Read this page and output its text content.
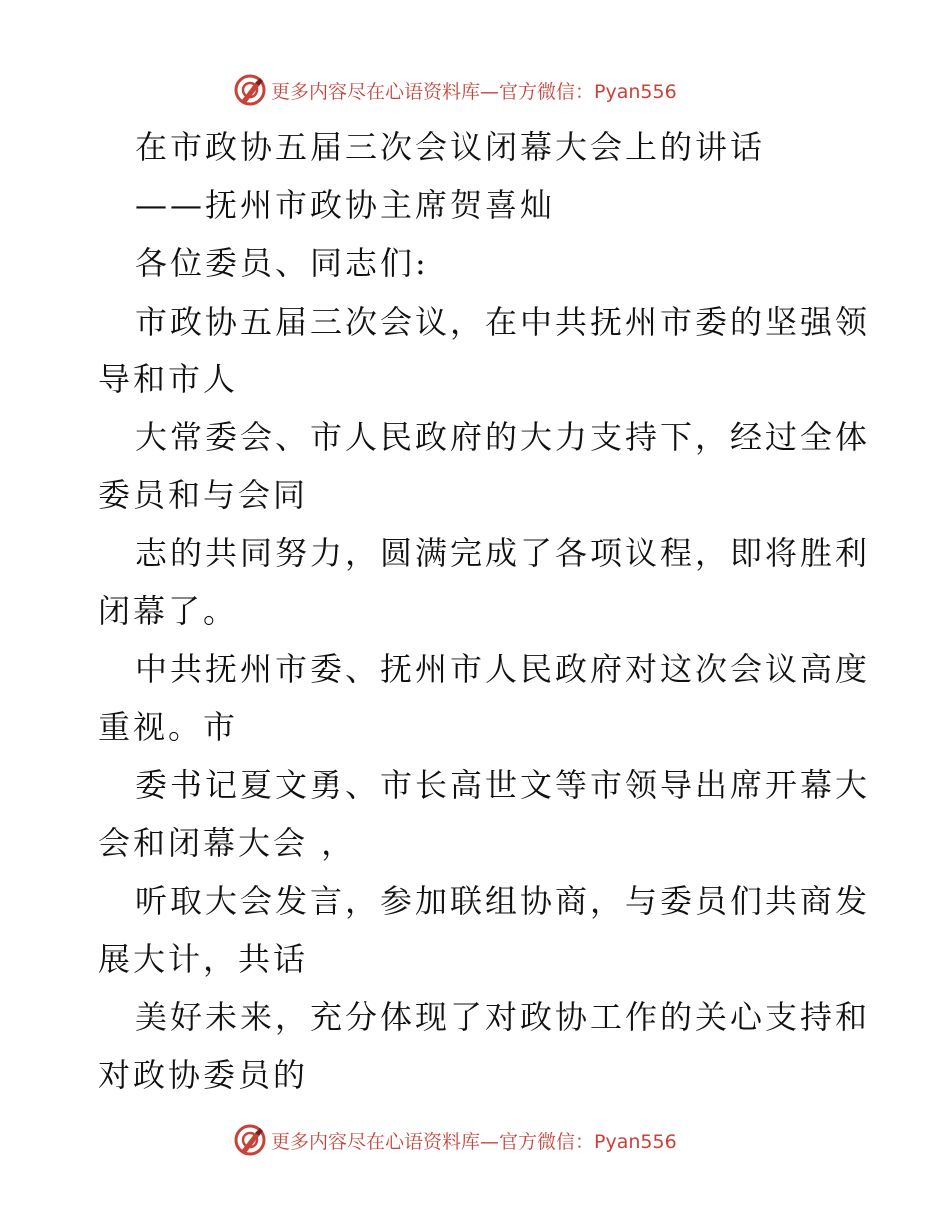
更多内容尽在心语资料库—官方微信：Pyan556
在市政协五届三次会议闭幕大会上的讲话
——抚州市政协主席贺喜灿
各位委员、同志们:
市政协五届三次会议，在中共抚州市委的坚强领
导和市人
大常委会、市人民政府的大力支持下，经过全体
委员和与会同
志的共同努力，圆满完成了各项议程，即将胜利
闭幕了。
中共抚州市委、抚州市人民政府对这次会议高度
重视。市
委书记夏文勇、市长高世文等市领导出席开幕大
会和闭幕大会 ，
听取大会发言，参加联组协商，与委员们共商发
展大计，共话
美好未来，充分体现了对政协工作的关心支持和
对政协委员的
更多内容尽在心语资料库—官方微信：Pyan556
